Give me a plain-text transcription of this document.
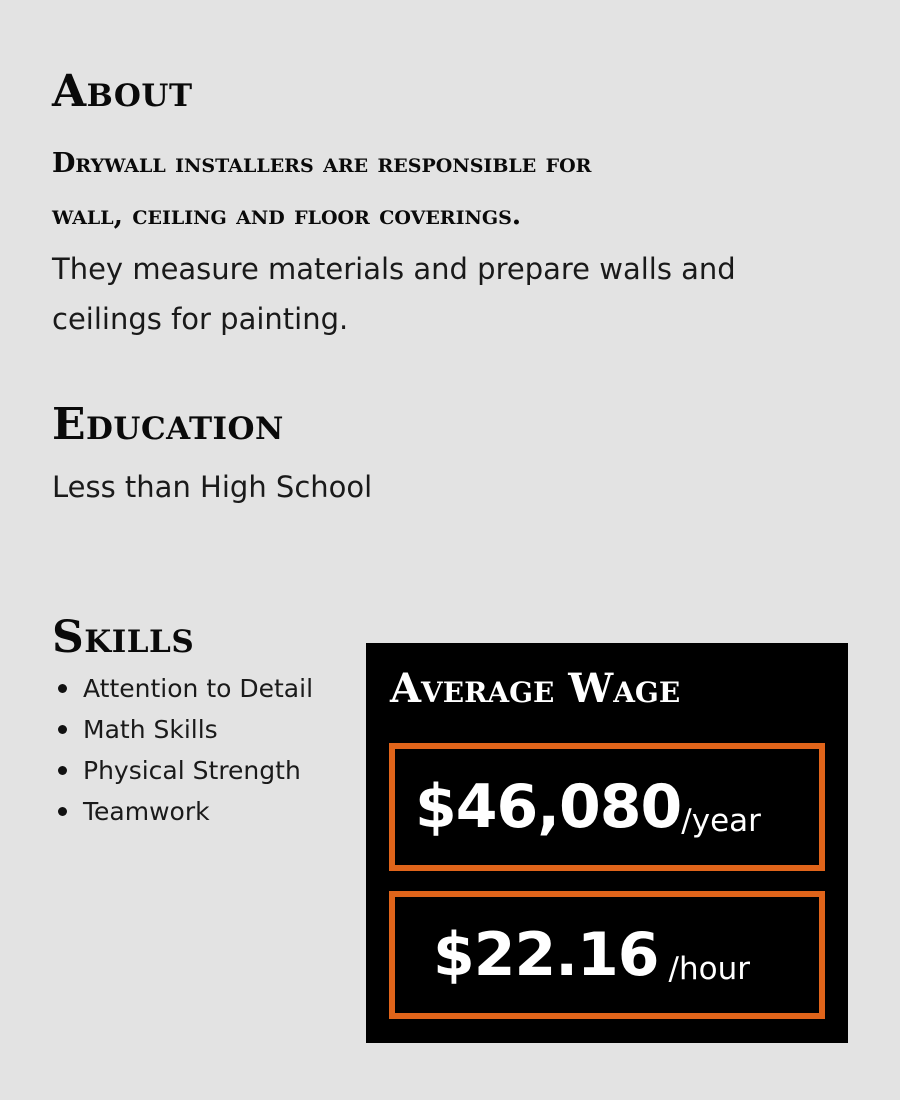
About
Drywall installers are responsible for
wall, ceiling and floor coverings.

They measure materials and prepare walls and ceilings for painting.

Education

Less than High School

Skills
Attention to Detail
Math Skills
Physical Strength
Teamwork
Average Wage
$46,080 /year
$22.16 /hour
